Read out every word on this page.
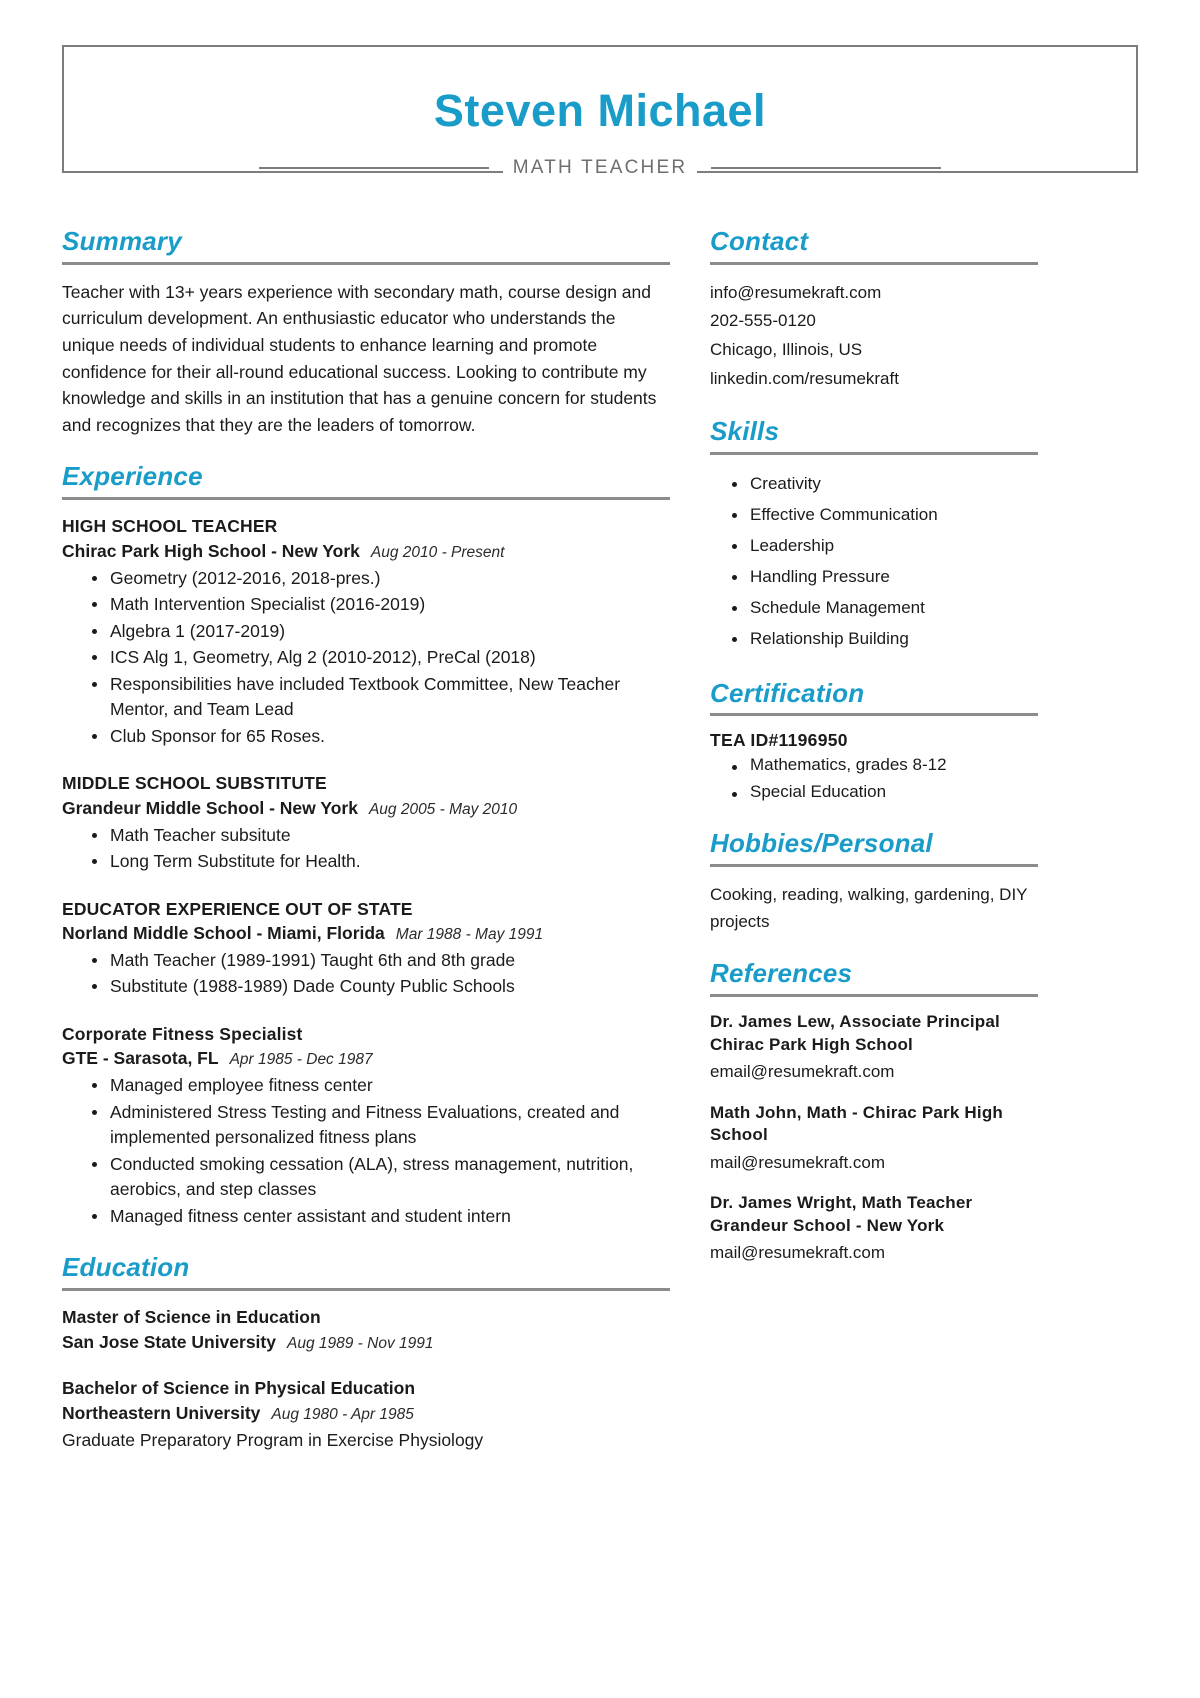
Steven Michael
MATH TEACHER
Summary
Teacher with 13+ years experience with secondary math, course design and curriculum development. An enthusiastic educator who understands the unique needs of individual students to enhance learning and promote confidence for their all-round educational success. Looking to contribute my knowledge and skills in an institution that has a genuine concern for students and recognizes that they are the leaders of tomorrow.
Experience
HIGH SCHOOL TEACHER
Chirac Park High School - New York Aug 2010 - Present
Geometry (2012-2016, 2018-pres.)
Math Intervention Specialist (2016-2019)
Algebra 1 (2017-2019)
ICS Alg 1, Geometry, Alg 2 (2010-2012), PreCal (2018)
Responsibilities have included Textbook Committee, New Teacher Mentor, and Team Lead
Club Sponsor for 65 Roses.
MIDDLE SCHOOL SUBSTITUTE
Grandeur Middle School - New York Aug 2005 - May 2010
Math Teacher subsitute
Long Term Substitute for Health.
EDUCATOR EXPERIENCE OUT OF STATE
Norland Middle School - Miami, Florida Mar 1988 - May 1991
Math Teacher (1989-1991) Taught 6th and 8th grade
Substitute (1988-1989) Dade County Public Schools
Corporate Fitness Specialist
GTE - Sarasota, FL Apr 1985 - Dec 1987
Managed employee fitness center
Administered Stress Testing and Fitness Evaluations, created and implemented personalized fitness plans
Conducted smoking cessation (ALA), stress management, nutrition, aerobics, and step classes
Managed fitness center assistant and student intern
Education
Master of Science in Education
San Jose State University Aug 1989 - Nov 1991
Bachelor of Science in Physical Education
Northeastern University Aug 1980 - Apr 1985
Graduate Preparatory Program in Exercise Physiology
Contact
info@resumekraft.com
202-555-0120
Chicago, Illinois, US
linkedin.com/resumekraft
Skills
Creativity
Effective Communication
Leadership
Handling Pressure
Schedule Management
Relationship Building
Certification
TEA ID#1196950
Mathematics, grades 8-12
Special Education
Hobbies/Personal
Cooking, reading, walking, gardening, DIY projects
References
Dr. James Lew, Associate Principal Chirac Park High School
email@resumekraft.com
Math John, Math - Chirac Park High School
mail@resumekraft.com
Dr. James Wright, Math Teacher Grandeur School - New York
mail@resumekraft.com
